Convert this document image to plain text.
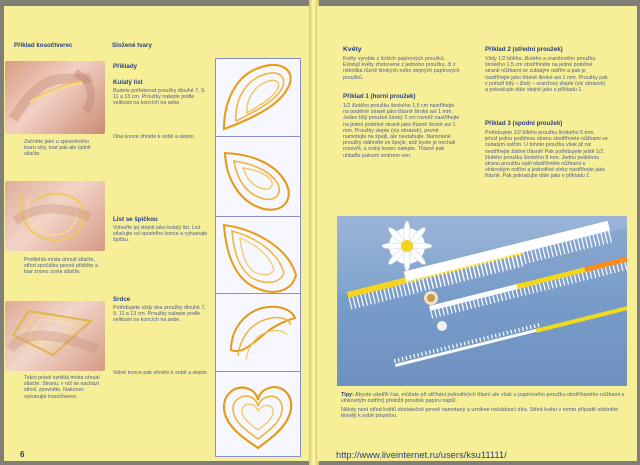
Příklad kosočtverec	Složené tvary
Příklady
Začněte jako u zpevněného tvaru slzy, tvar pak ale úplně stlačte.
Protilehlá místa ohnutí stlačte, střed zpočátku pevně přidržte a tvar znovu zcela stlačte.
Takto právě vzniklá místa ohnutí stlačte. Stranu, v níž se nachází střed, zpevněte. Nakonec vytvarujte kosočtverec.
Kulatý list
Budete potřebovat proužky dlouhé 7, 9, 11 a 13 cm. Proužky nalepte podle velikosti na koncích na sebe.
Oba konce ohněte k sobě a slepte.
List se špičkou
Vytvořte jej stejně jako kulatý list. List stlačujte od spodního konce a vytvarujte špičku.
Srdce
Potřebujete vždy dva proužky dlouhé 7, 9, 11 a 13 cm. Proužky nalepte podle velikosti na koncích na sebe.
Volné konce pak ohněte k sobě a slepte.
6
Květy
Květy vyrobte z širších papírových proužků. Existují květy zhotovené z jednoho proužku, či z několika různě širokých nebo stejných papírových proužků.
Příklad 1 (horní proužek)
1/2 žlutého proužku širokého 1,5 cm nastříhejte na podélné straně jako třásně široké asi 1 mm. Jeden bílý proužek široký 3 cm rovněž nastříhejte na jedné podélné straně jako třásně široké asi 1 mm. Proužky slepte (viz obrázek), pevně namotejte na špejli, ale neutahujte. Namotané proužky stáhněte ze špejle, anž byste je nechali rozevřít, a volný konec nalepte. Třásně pak uhlaďte palcem směrem ven.
Příklad 2 (střední proužek)
Vždy 1/2 bílého, žlutého a oranžového proužku širokého 1,5 cm obstříhněte na jedné podélné straně nůžkami se zubatým ostřím a pak je nastříhejte jako třásně široké asi 1 mm. Proužky pak v pořadí bílý – žlutý – oranžový slepte (viz obrázek) a pokračujte dále stejně jako u příkladu 1.
Příklad 3 (spodní proužek)
Potřebujete 1/2 bílého proužku širokého 5 mm, jehož jednu podélnou stranu obstříhnete nůžkami se zubatým ostřím. U tohoto proužku však již nic nestříhejte žádné třásně! Pak potřebujete ještě 1/2 žlutého proužku širokého 8 mm. Jednu podélnou stranu proužku opět obstříhněte nůžkami s vlnkovitým ostřím a jednotlivé vlnky nastříhejte jako třásně. Pak pokračujte dále jako v příkladu 1.
Tipy: Abyste ušetřili čas, můžete při stříhání jednotlivých třásní ale však u papírového proužku obstříhaného nůžkami s vlnkovitým ostřím) přeložit proužek papíru napůl.
Někdy není střed květů dostatečně pevně namotaný a vznikne nežádoucí díra. Střed květu v tomto případě stáhněte těsněji k sobě pinzetou.
http://www.liveinternet.ru/users/ksu11111/
